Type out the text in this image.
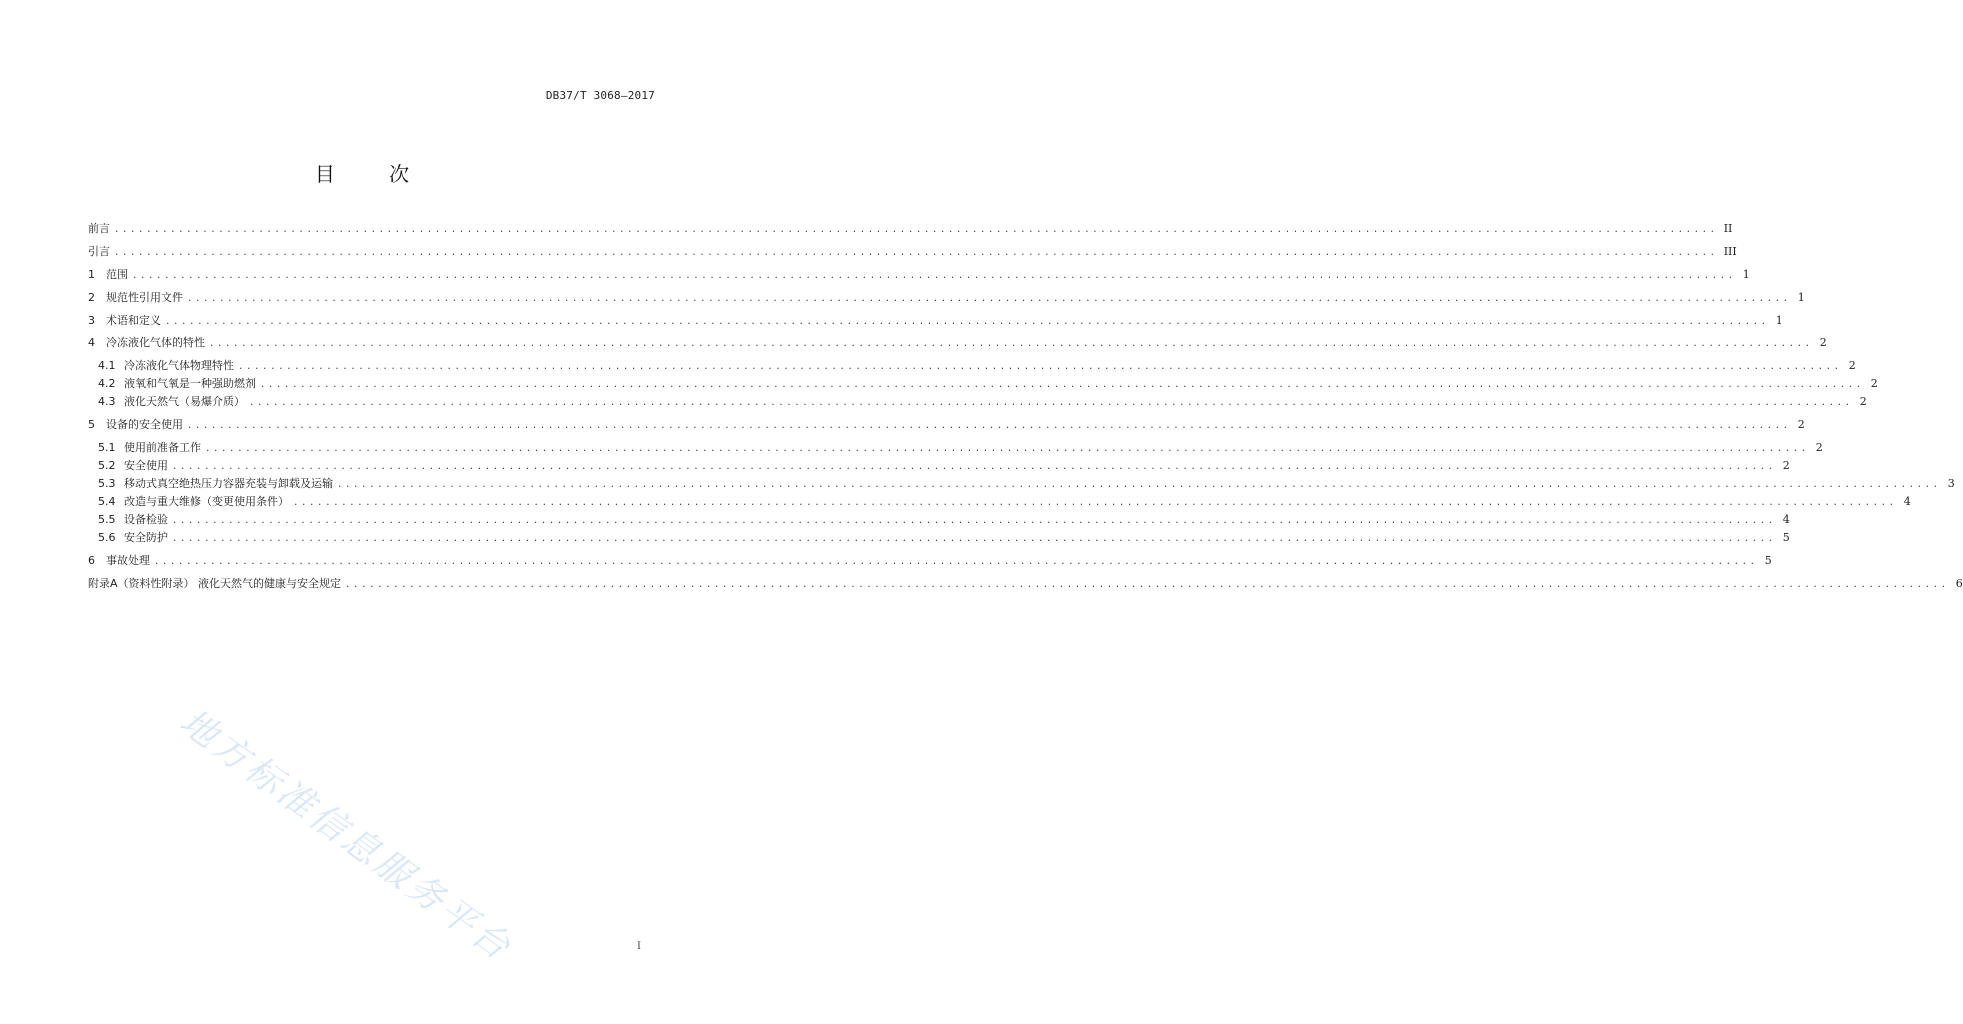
DB37/T 3068—2017
目 次
前言 ........................................................................................................................................................................................................ II
引言 ........................................................................................................................................................................................................ III
1	范围 ........................................................................................................................................................................................................ 1
2	规范性引用文件 ........................................................................................................................................................................................................ 1
3	术语和定义 ........................................................................................................................................................................................................ 1
4	冷冻液化气体的特性 ........................................................................................................................................................................................................ 2
4.1 冷冻液化气体物理特性 ........................................................................................................................................................................................................ 2
4.2 液氧和气氧是一种强助燃剂 ........................................................................................................................................................................................................ 2
4.3 液化天然气（易爆介质） ........................................................................................................................................................................................................ 2
5	设备的安全使用 ........................................................................................................................................................................................................ 2
5.1 使用前准备工作 ........................................................................................................................................................................................................ 2
5.2 安全使用 ........................................................................................................................................................................................................ 2
5.3 移动式真空绝热压力容器充装与卸载及运输 ........................................................................................................................................................................................................ 3
5.4 改造与重大维修（变更使用条件） ........................................................................................................................................................................................................ 4
5.5 设备检验 ........................................................................................................................................................................................................ 4
5.6 安全防护 ........................................................................................................................................................................................................ 5
6	事故处理 ........................................................................................................................................................................................................ 5
附录A（资料性附录） 液化天然气的健康与安全规定 ........................................................................................................................................................................................................ 6
地方标准信息服务平台	I
